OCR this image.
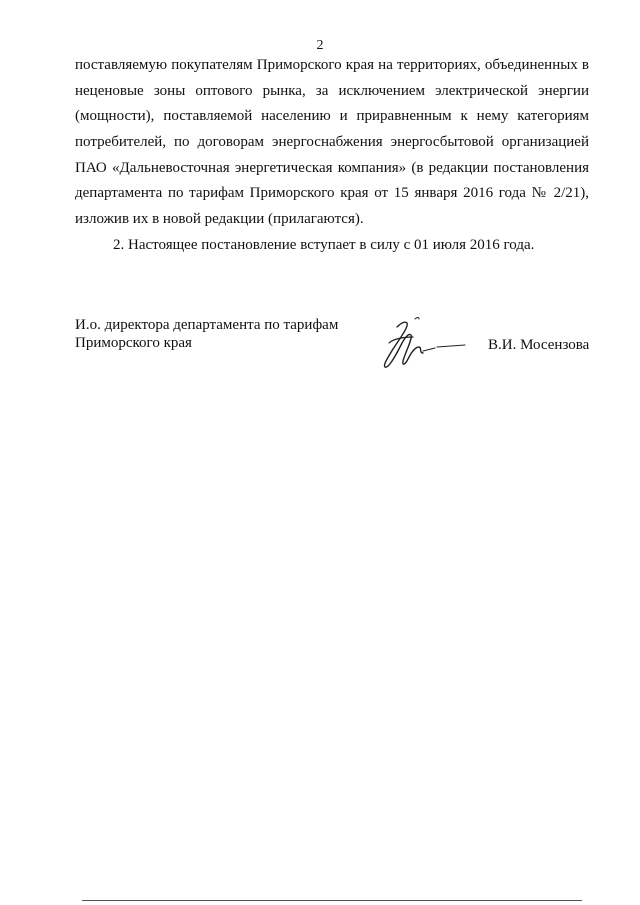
2
поставляемую покупателям Приморского края на территориях, объединенных в
неценовые зоны оптового рынка, за исключением электрической энергии
(мощности), поставляемой населению и приравненным к нему категориям
потребителей, по договорам энергоснабжения энергосбытовой организацией
ПАО «Дальневосточная энергетическая компания» (в редакции постановления
департамента по тарифам Приморского края от 15 января 2016 года № 2/21),
изложив их в новой редакции (прилагаются).
2. Настоящее постановление вступает в силу с 01 июля 2016 года.
И.о. директора департамента по тарифам
Приморского края	В.И. Мосензова
